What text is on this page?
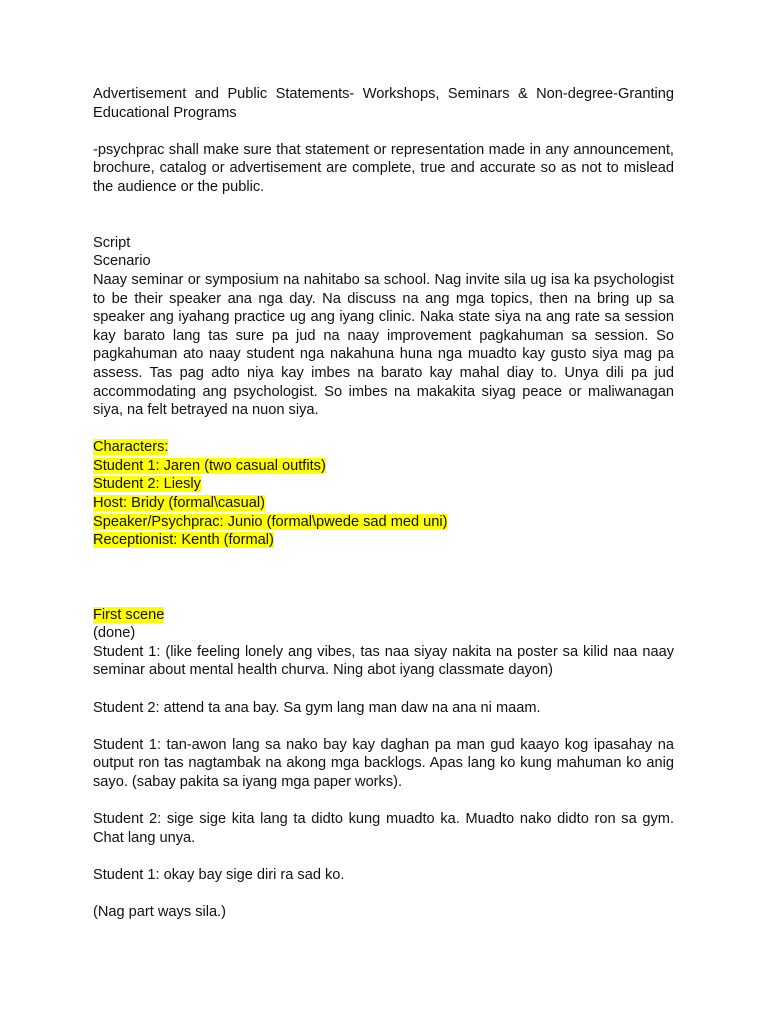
Advertisement and Public Statements- Workshops, Seminars & Non-degree-Granting Educational Programs

-psychprac shall make sure that statement or representation made in any announcement, brochure, catalog or advertisement are complete, true and accurate so as not to mislead the audience or the public.

Script

Scenario

Naay seminar or symposium na nahitabo sa school. Nag invite sila ug isa ka psychologist to be their speaker ana nga day. Na discuss na ang mga topics, then na bring up sa speaker ang iyahang practice ug ang iyang clinic. Naka state siya na ang rate sa session kay barato lang tas sure pa jud na naay improvement pagkahuman sa session. So pagkahuman ato naay student nga nakahuna huna nga muadto kay gusto siya mag pa assess. Tas pag adto niya kay imbes na barato kay mahal diay to. Unya dili pa jud accommodating ang psychologist. So imbes na makakita siyag peace or maliwanagan siya, na felt betrayed na nuon siya.

Characters:
Student 1: Jaren (two casual outfits)
Student 2: Liesly
Host: Bridy (formal\casual)
Speaker/Psychprac: Junio (formal\pwede sad med uni)
Receptionist: Kenth (formal)
First scene

(done)

Student 1: (like feeling lonely ang vibes, tas naa siyay nakita na poster sa kilid naa naay seminar about mental health churva. Ning abot iyang classmate dayon)

Student 2: attend ta ana bay. Sa gym lang man daw na ana ni maam.

Student 1: tan-awon lang sa nako bay kay daghan pa man gud kaayo kog ipasahay na output ron tas nagtambak na akong mga backlogs. Apas lang ko kung mahuman ko anig sayo. (sabay pakita sa iyang mga paper works).

Student 2: sige sige kita lang ta didto kung muadto ka. Muadto nako didto ron sa gym. Chat lang unya.

Student 1: okay bay sige diri ra sad ko.

(Nag part ways sila.)
